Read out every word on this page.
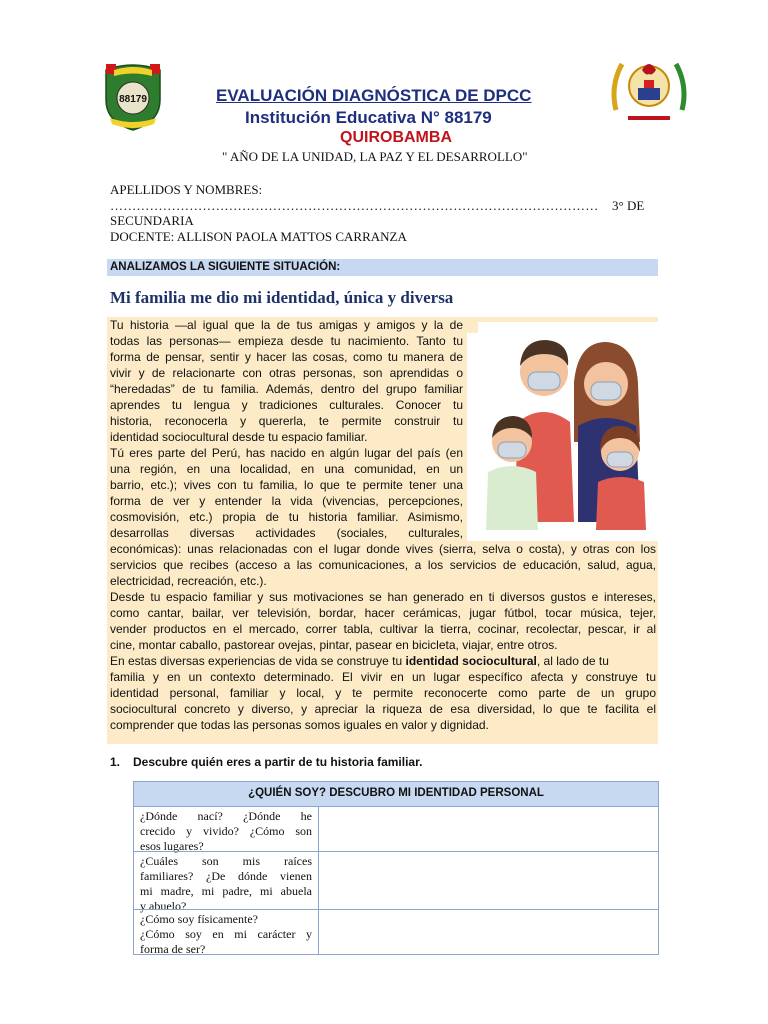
88179	EVALUACIÓN DIAGNÓSTICA DE DPCC
Institución Educativa N° 88179
QUIROBAMBA
" AÑO DE LA UNIDAD, LA PAZ Y EL DESARROLLO"
APELLIDOS Y NOMBRES:
………………………………………………………………………………………………… 3° DE
SECUNDARIA
DOCENTE: ALLISON PAOLA MATTOS CARRANZA
ANALIZAMOS LA SIGUIENTE SITUACIÓN:
Mi familia me dio mi identidad, única y diversa
Tu historia —al igual que la de tus amigas y amigos y la de
todas las personas— empieza desde tu nacimiento. Tanto tu
forma de pensar, sentir y hacer las cosas, como tu manera de
vivir y de relacionarte con otras personas, son aprendidas o
“heredadas” de tu familia. Además, dentro del grupo familiar
aprendes tu lengua y tradiciones culturales. Conocer tu
historia, reconocerla y quererla, te permite construir tu
identidad sociocultural desde tu espacio familiar.
Tú eres parte del Perú, has nacido en algún lugar del país (en
una región, en una localidad, en una comunidad, en un
barrio, etc.); vives con tu familia, lo que te permite tener una
forma de ver y entender la vida (vivencias, percepciones,
cosmovisión, etc.) propia de tu historia familiar. Asimismo,
desarrollas diversas actividades (sociales, culturales,
económicas): unas relacionadas con el lugar donde vives (sierra, selva o costa), y otras con los
servicios que recibes (acceso a las comunicaciones, a los servicios de educación, salud, agua,
electricidad, recreación, etc.).
Desde tu espacio familiar y sus motivaciones se han generado en ti diversos gustos e intereses,
como cantar, bailar, ver televisión, bordar, hacer cerámicas, jugar fútbol, tocar música, tejer,
vender productos en el mercado, correr tabla, cultivar la tierra, cocinar, recolectar, pescar, ir al
cine, montar caballo, pastorear ovejas, pintar, pasear en bicicleta, viajar, entre otros.
En estas diversas experiencias de vida se construye tu identidad sociocultural, al lado de tu
familia y en un contexto determinado. El vivir en un lugar específico afecta y construye tu
identidad personal, familiar y local, y te permite reconocerte como parte de un grupo
sociocultural concreto y diverso, y apreciar la riqueza de esa diversidad, lo que te facilita el
comprender que todas las personas somos iguales en valor y dignidad.
1. Descubre quién eres a partir de tu historia familiar.
¿QUIÉN SOY? DESCUBRO MI IDENTIDAD PERSONAL
¿Dónde nací? ¿Dónde he
crecido y vivido? ¿Cómo son
esos lugares?
¿Cuáles son mis raíces
familiares? ¿De dónde vienen
mi madre, mi padre, mi abuela
y abuelo?
¿Cómo soy físicamente?
¿Cómo soy en mi carácter y
forma de ser?
